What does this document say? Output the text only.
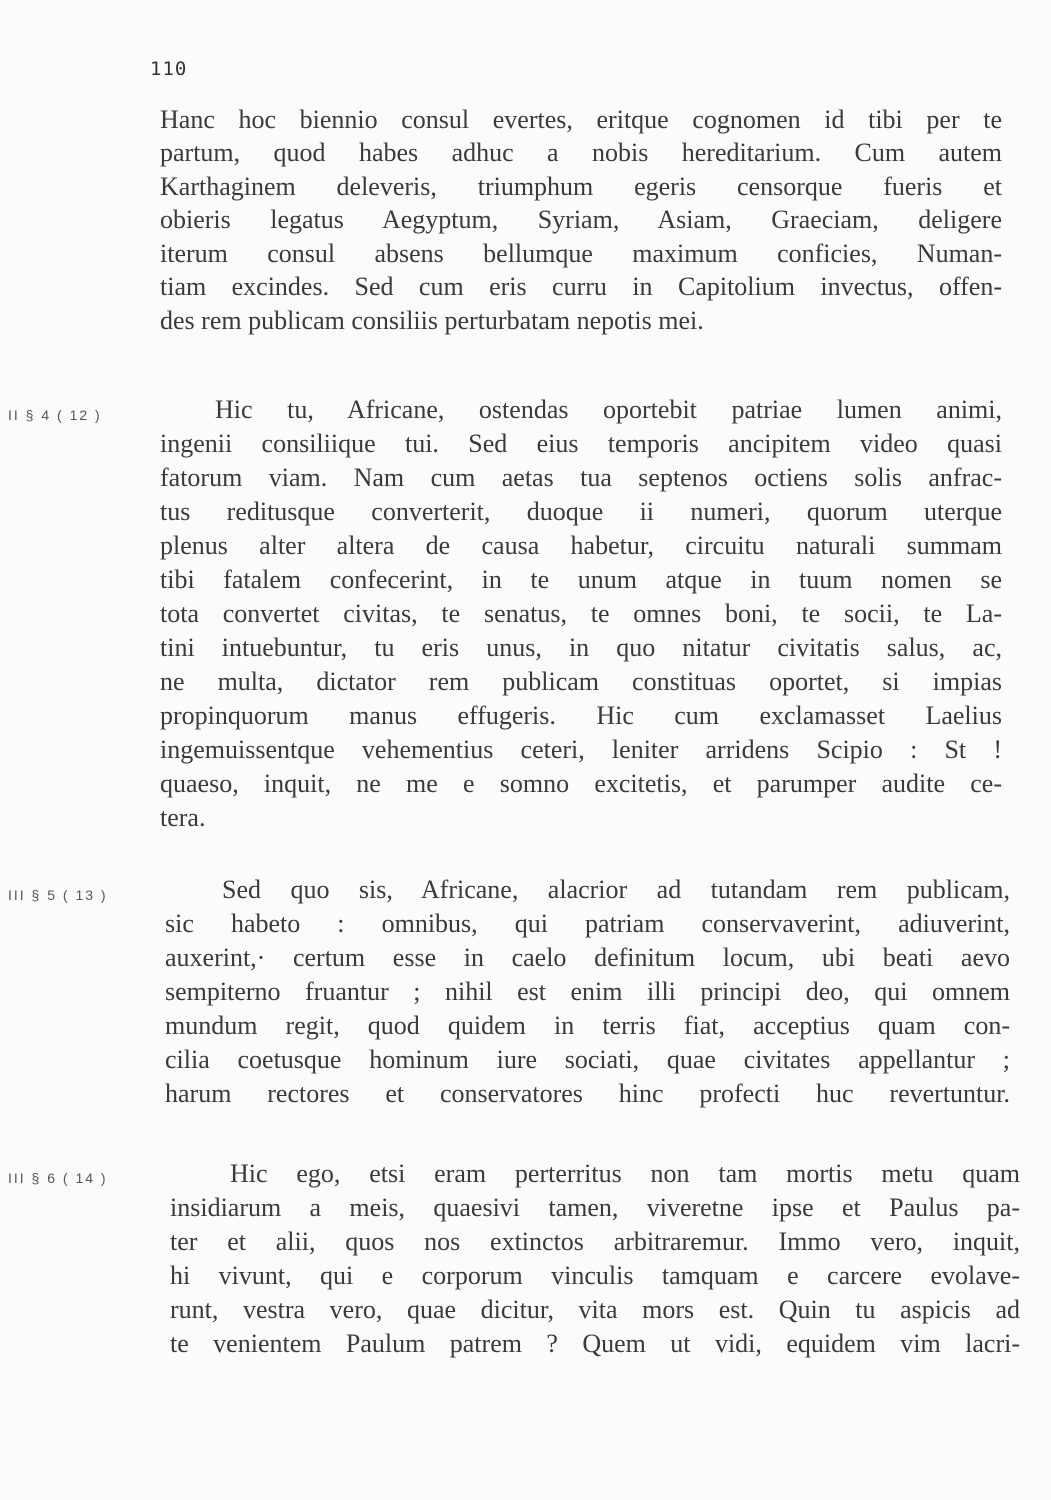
110
Hanc hoc biennio consul evertes, eritque cognomen id tibi per te
partum, quod habes adhuc a nobis hereditarium. Cum autem
Karthaginem deleveris, triumphum egeris censorque fueris et
obieris legatus Aegyptum, Syriam, Asiam, Graeciam, deligere
iterum consul absens bellumque maximum conficies, Numan-
tiam excindes. Sed cum eris curru in Capitolium invectus, offen-
des rem publicam consiliis perturbatam nepotis mei.
II § 4 ( 12 )	Hic tu, Africane, ostendas oportebit patriae lumen animi,
ingenii consiliique tui. Sed eius temporis ancipitem video quasi
fatorum viam. Nam cum aetas tua septenos octiens solis anfrac-
tus reditusque converterit, duoque ii numeri, quorum uterque
plenus alter altera de causa habetur, circuitu naturali summam
tibi fatalem confecerint, in te unum atque in tuum nomen se
tota convertet civitas, te senatus, te omnes boni, te socii, te La-
tini intuebuntur, tu eris unus, in quo nitatur civitatis salus, ac,
ne multa, dictator rem publicam constituas oportet, si impias
propinquorum manus effugeris. Hic cum exclamasset Laelius
ingemuissentque vehementius ceteri, leniter arridens Scipio : St !
quaeso, inquit, ne me e somno excitetis, et parumper audite ce-
tera.
III § 5 ( 13 )	Sed quo sis, Africane, alacrior ad tutandam rem publicam,
sic habeto : omnibus, qui patriam conservaverint, adiuverint,
auxerint,· certum esse in caelo definitum locum, ubi beati aevo
sempiterno fruantur ; nihil est enim illi principi deo, qui omnem
mundum regit, quod quidem in terris fiat, acceptius quam con-
cilia coetusque hominum iure sociati, quae civitates appellantur ;
harum rectores et conservatores hinc profecti huc revertuntur.
III § 6 ( 14 )	Hic ego, etsi eram perterritus non tam mortis metu quam
insidiarum a meis, quaesivi tamen, viveretne ipse et Paulus pa-
ter et alii, quos nos extinctos arbitraremur. Immo vero, inquit,
hi vivunt, qui e corporum vinculis tamquam e carcere evolave-
runt, vestra vero, quae dicitur, vita mors est. Quin tu aspicis ad
te venientem Paulum patrem ? Quem ut vidi, equidem vim lacri-
